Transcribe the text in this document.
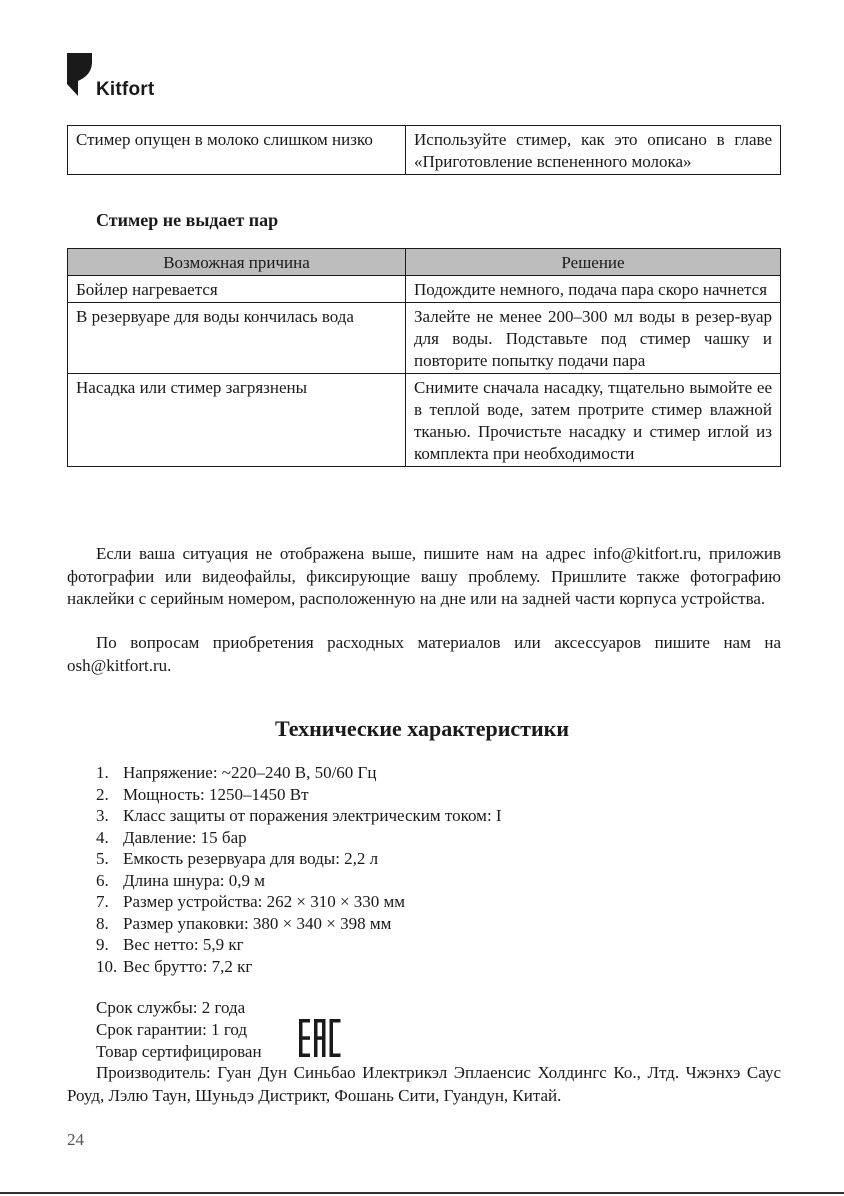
Kitfort
Стимер опущен в молоко слишком низко	Используйте стимер, как это описано в главе «Приготовление вспененного молока»
Стимер не выдает пар
Возможная причина	Решение
Бойлер нагревается	Подождите немного, подача пара скоро начнется
В резервуаре для воды кончилась вода	Залейте не менее 200–300 мл воды в резер-вуар для воды. Подставьте под стимер чашку и повторите попытку подачи пара
Насадка или стимер загрязнены	Снимите сначала насадку, тщательно вымойте ее в теплой воде, затем протрите стимер влажной тканью. Прочистьте насадку и стимер иглой из комплекта при необходимости

Если ваша ситуация не отображена выше, пишите нам на адрес info@kitfort.ru, приложив фотографии или видеофайлы, фиксирующие вашу проблему. Пришлите также фотографию наклейки с серийным номером, расположенную на дне или на задней части корпуса устройства.

По вопросам приобретения расходных материалов или аксессуаров пишите нам на osh@kitfort.ru.

Технические характеристики
1. Напряжение: ~220–240 В, 50/60 Гц
2. Мощность: 1250–1450 Вт
3. Класс защиты от поражения электрическим током: I
4. Давление: 15 бар
5. Емкость резервуара для воды: 2,2 л
6. Длина шнура: 0,9 м
7. Размер устройства: 262 × 310 × 330 мм
8. Размер упаковки: 380 × 340 × 398 мм
9. Вес нетто: 5,9 кг
10. Вес брутто: 7,2 кг
Срок службы: 2 года
Срок гарантии: 1 год
Товар сертифицирован

Производитель: Гуан Дун Синьбао Илектрикэл Эплаенсис Холдингс Ко., Лтд. Чжэнхэ Саус Роуд, Лэлю Таун, Шуньдэ Дистрикт, Фошань Сити, Гуандун, Китай.

24
